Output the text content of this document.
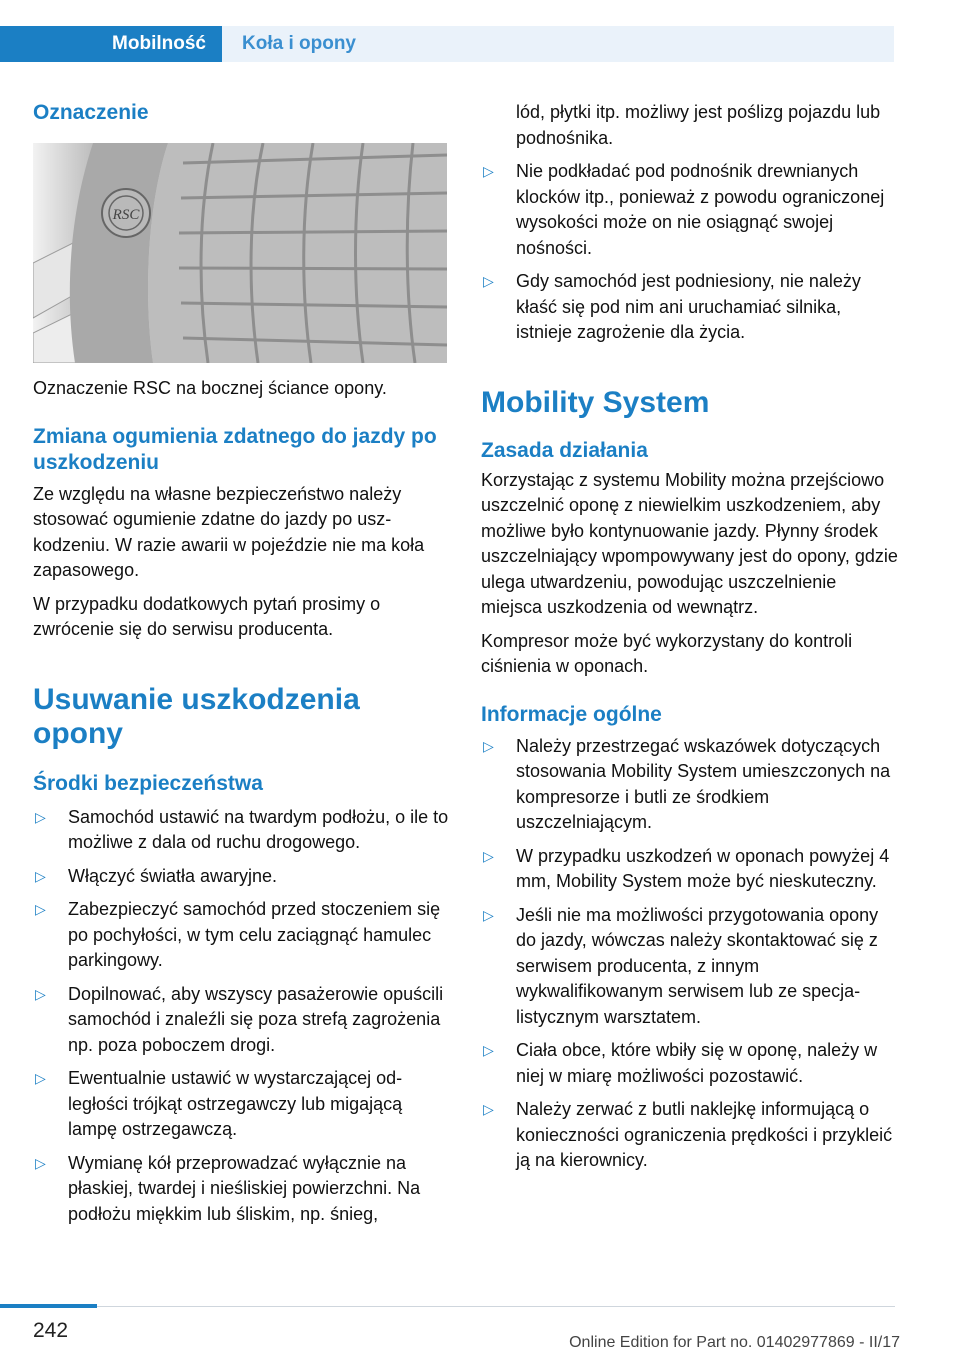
Mobilność Koła i opony
Oznaczenie
RSC

Oznaczenie RSC na bocznej ściance opony.

Zmiana ogumienia zdatnego do jazdy po uszkodzeniu

Ze względu na własne bezpieczeństwo należy stosować ogumienie zdatne do jazdy po uszkodzeniu. W razie awarii w pojeździe nie ma koła zapasowego.

W przypadku dodatkowych pytań prosimy o zwrócenie się do serwisu producenta.

Usuwanie uszkodzenia opony
Środki bezpieczeństwa
▷	Samochód ustawić na twardym podłożu, o ile to możliwe z dala od ruchu drogowego.
▷	Włączyć światła awaryjne.
▷	Zabezpieczyć samochód przed stoczeniem się po pochyłości, w tym celu zaciągnąć hamulec parkingowy.
▷	Dopilnować, aby wszyscy pasażerowie opuścili samochód i znaleźli się poza strefą zagrożenia np. poza poboczem drogi.
▷	Ewentualnie ustawić w wystarczającej odległości trójkąt ostrzegawczy lub migającą lampę ostrzegawczą.
▷	Wymianę kół przeprowadzać wyłącznie na płaskiej, twardej i nieśliskiej powierzchni. Na podłożu miękkim lub śliskim, np. śnieg,
lód, płytki itp. możliwy jest poślizg pojazdu lub podnośnika.
▷	Nie podkładać pod podnośnik drewnianych klocków itp., ponieważ z powodu ograniczonej wysokości może on nie osiągnąć swojej nośności.
▷	Gdy samochód jest podniesiony, nie należy kłaść się pod nim ani uruchamiać silnika, istnieje zagrożenie dla życia.
Mobility System
Zasada działania

Korzystając z systemu Mobility można przejściowo uszczelnić oponę z niewielkim uszkodzeniem, aby możliwe było kontynuowanie jazdy. Płynny środek uszczelniający wpompowywany jest do opony, gdzie ulega utwardzeniu, powodując uszczelnienie miejsca uszkodzenia od wewnątrz.

Kompresor może być wykorzystany do kontroli ciśnienia w oponach.

Informacje ogólne
▷	Należy przestrzegać wskazówek dotyczących stosowania Mobility System umieszczonych na kompresorze i butli ze środkiem uszczelniającym.
▷	W przypadku uszkodzeń w oponach powyżej 4 mm, Mobility System może być nieskuteczny.
▷	Jeśli nie ma możliwości przygotowania opony do jazdy, wówczas należy skontaktować się z serwisem producenta, z innym wykwalifikowanym serwisem lub ze specjalistycznym warsztatem.
▷	Ciała obce, które wbiły się w oponę, należy w niej w miarę możliwości pozostawić.
▷	Należy zerwać z butli naklejkę informującą o konieczności ograniczenia prędkości i przykleić ją na kierownicy.
242
Online Edition for Part no. 01402977869 - II/17
